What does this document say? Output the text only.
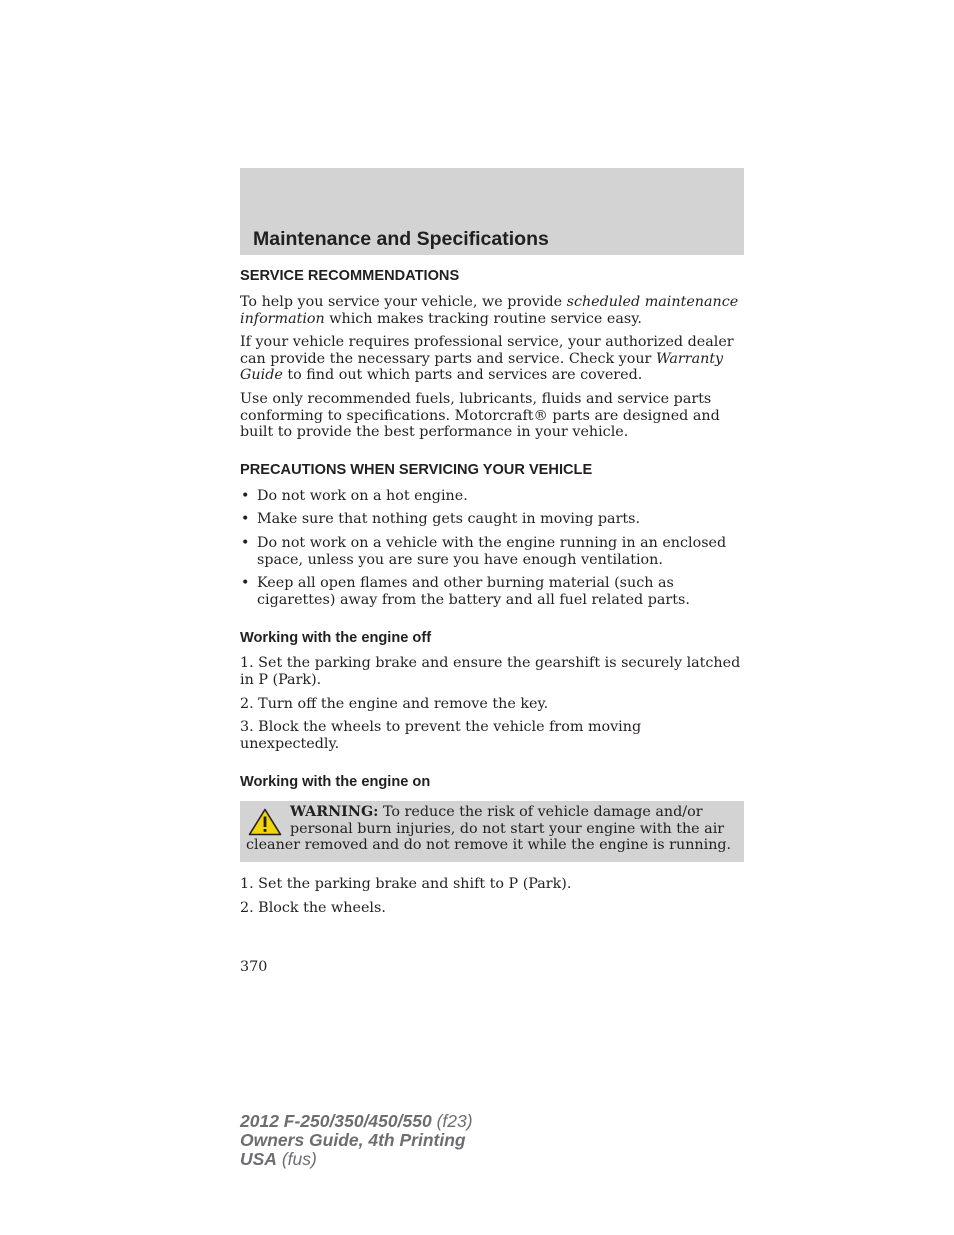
Maintenance and Specifications
SERVICE RECOMMENDATIONS

To help you service your vehicle, we provide scheduled maintenance information which makes tracking routine service easy.

If your vehicle requires professional service, your authorized dealer can provide the necessary parts and service. Check your Warranty Guide to find out which parts and services are covered.

Use only recommended fuels, lubricants, fluids and service parts conforming to specifications. Motorcraft® parts are designed and built to provide the best performance in your vehicle.

PRECAUTIONS WHEN SERVICING YOUR VEHICLE
• Do not work on a hot engine.
• Make sure that nothing gets caught in moving parts.
• Do not work on a vehicle with the engine running in an enclosed space, unless you are sure you have enough ventilation.
• Keep all open flames and other burning material (such as cigarettes) away from the battery and all fuel related parts.
Working with the engine off

1. Set the parking brake and ensure the gearshift is securely latched in P (Park).

2. Turn off the engine and remove the key.

3. Block the wheels to prevent the vehicle from moving unexpectedly.

Working with the engine on
WARNING: To reduce the risk of vehicle damage and/or personal burn injuries, do not start your engine with the air cleaner removed and do not remove it while the engine is running.

1. Set the parking brake and shift to P (Park).

2. Block the wheels.

370
2012 F-250/350/450/550 (f23)
Owners Guide, 4th Printing
USA (fus)
